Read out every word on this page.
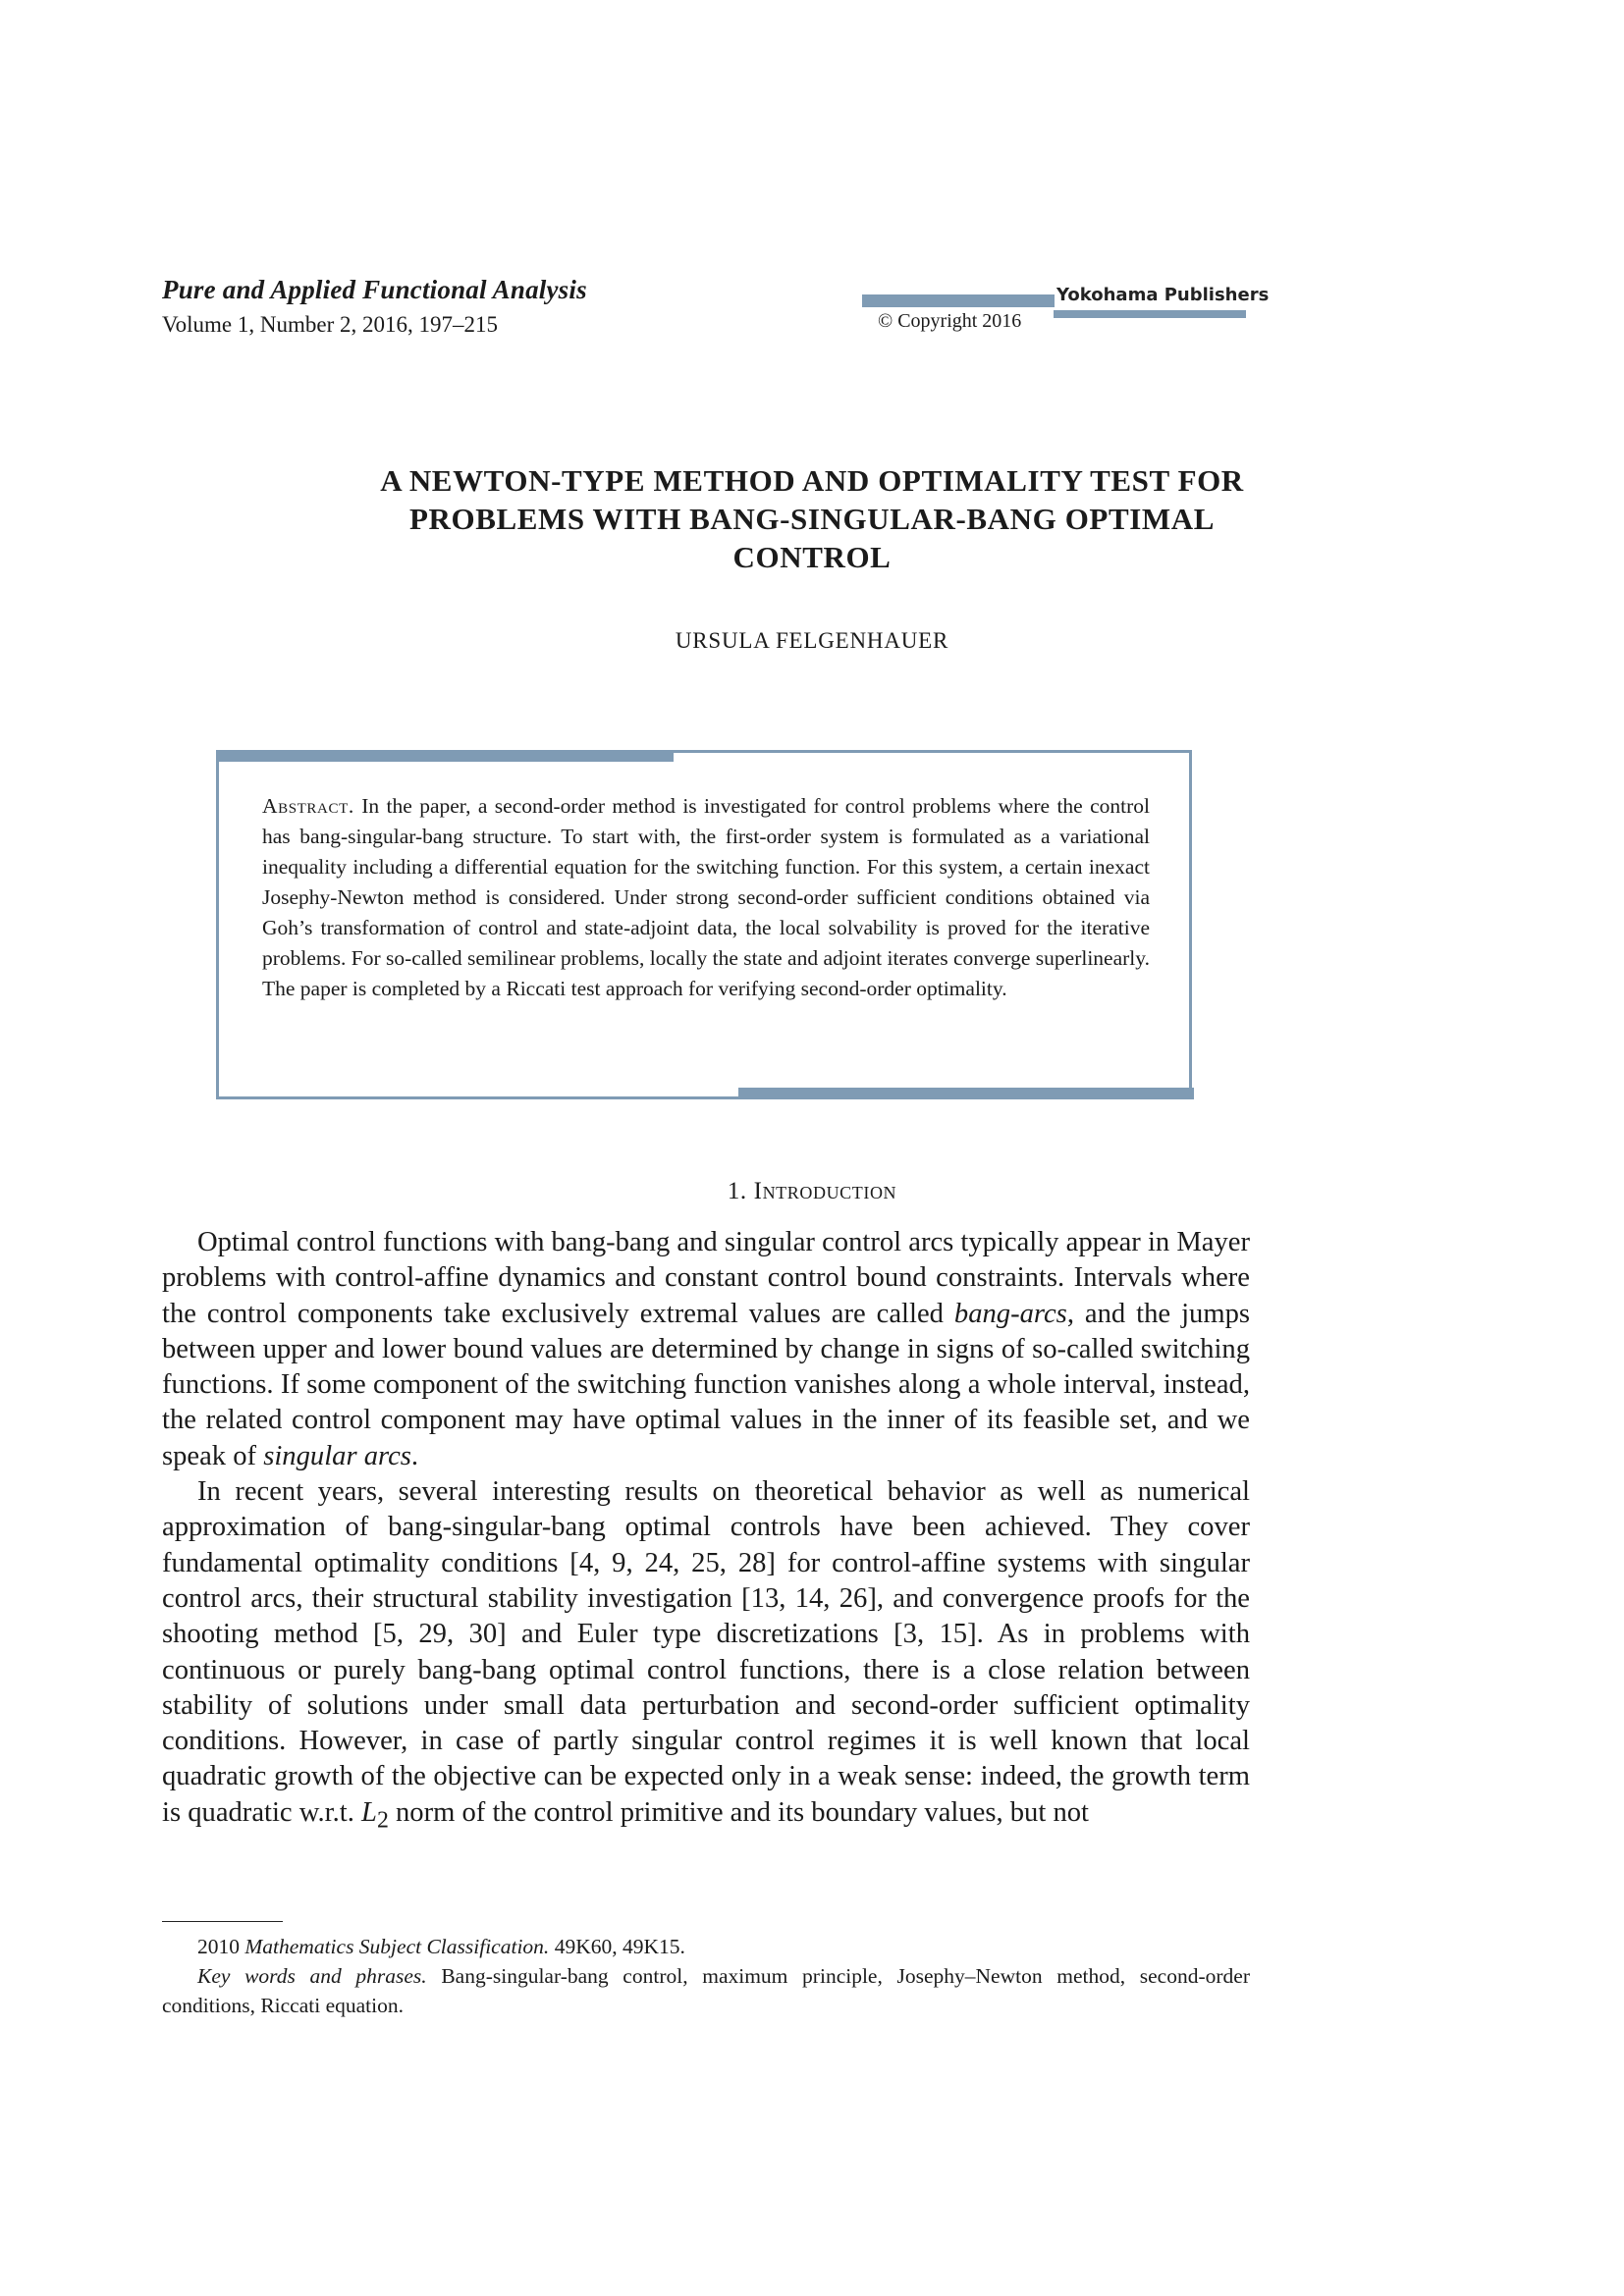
Pure and Applied Functional Analysis
Volume 1, Number 2, 2016, 197–215
Yokohama Publishers
© Copyright 2016
A NEWTON-TYPE METHOD AND OPTIMALITY TEST FOR
PROBLEMS WITH BANG-SINGULAR-BANG OPTIMAL
CONTROL
URSULA FELGENHAUER
Abstract. In the paper, a second-order method is investigated for control problems where the control has bang-singular-bang structure. To start with, the first-order system is formulated as a variational inequality including a differential equation for the switching function. For this system, a certain inexact Josephy-Newton method is considered. Under strong second-order sufficient conditions obtained via Goh’s transformation of control and state-adjoint data, the local solvability is proved for the iterative problems. For so-called semilinear problems, locally the state and adjoint iterates converge superlinearly. The paper is completed by a Riccati test approach for verifying second-order optimality.
1. Introduction

Optimal control functions with bang-bang and singular control arcs typically appear in Mayer problems with control-affine dynamics and constant control bound constraints. Intervals where the control components take exclusively extremal values are called bang-arcs, and the jumps between upper and lower bound values are determined by change in signs of so-called switching functions. If some component of the switching function vanishes along a whole interval, instead, the related control component may have optimal values in the inner of its feasible set, and we speak of singular arcs.

In recent years, several interesting results on theoretical behavior as well as numerical approximation of bang-singular-bang optimal controls have been achieved. They cover fundamental optimality conditions [4, 9, 24, 25, 28] for control-affine systems with singular control arcs, their structural stability investigation [13, 14, 26], and convergence proofs for the shooting method [5, 29, 30] and Euler type discretizations [3, 15]. As in problems with continuous or purely bang-bang optimal control functions, there is a close relation between stability of solutions under small data perturbation and second-order sufficient optimality conditions. However, in case of partly singular control regimes it is well known that local quadratic growth of the objective can be expected only in a weak sense: indeed, the growth term is quadratic w.r.t. $L_2$ norm of the control primitive and its boundary values, but not

2010 Mathematics Subject Classification. 49K60, 49K15.

Key words and phrases. Bang-singular-bang control, maximum principle, Josephy–Newton method, second-order conditions, Riccati equation.
